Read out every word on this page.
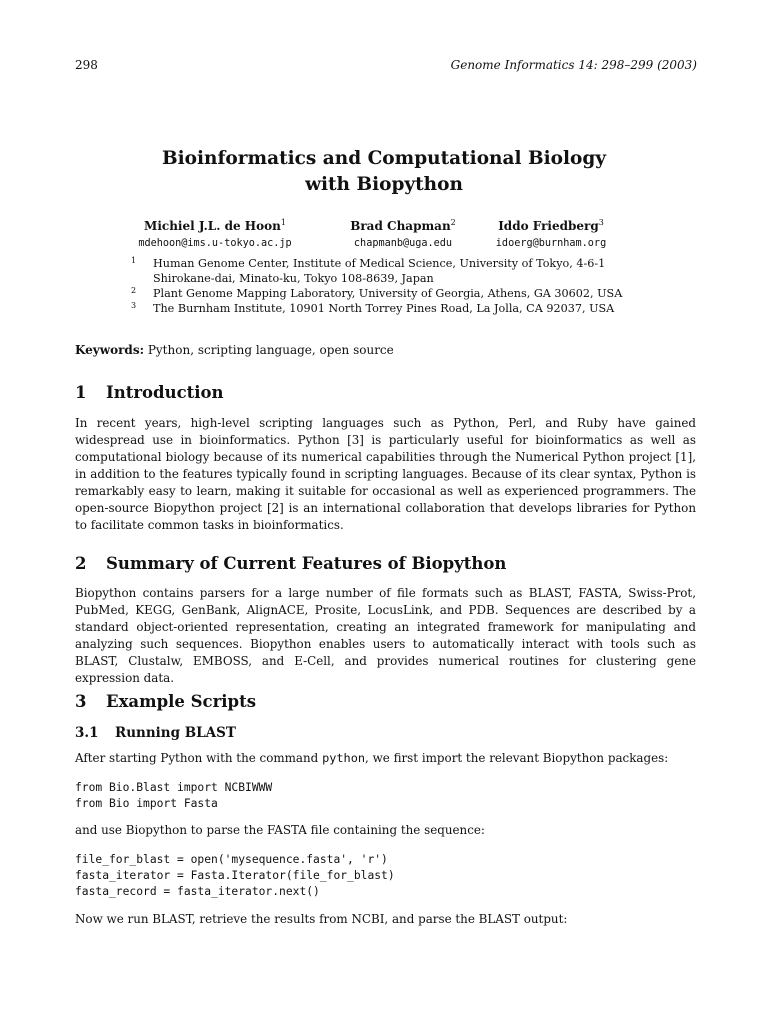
298	Genome Informatics 14: 298–299 (2003)
Bioinformatics and Computational Biology
with Biopython
Michiel J.L. de Hoon$^1$
mdehoon@ims.u-tokyo.ac.jp
Brad Chapman$^2$
chapmanb@uga.edu
Iddo Friedberg$^3$
idoerg@burnham.org
1 Human Genome Center, Institute of Medical Science, University of Tokyo, 4-6-1
Shirokane-dai, Minato-ku, Tokyo 108-8639, Japan
2 Plant Genome Mapping Laboratory, University of Georgia, Athens, GA 30602, USA
3 The Burnham Institute, 10901 North Torrey Pines Road, La Jolla, CA 92037, USA
Keywords: Python, scripting language, open source
1 Introduction

In recent years, high-level scripting languages such as Python, Perl, and Ruby have gained widespread use in bioinformatics. Python [3] is particularly useful for bioinformatics as well as computational biology because of its numerical capabilities through the Numerical Python project [1], in addition to the features typically found in scripting languages. Because of its clear syntax, Python is remarkably easy to learn, making it suitable for occasional as well as experienced programmers. The open-source Biopython project [2] is an international collaboration that develops libraries for Python to facilitate common tasks in bioinformatics.

2 Summary of Current Features of Biopython

Biopython contains parsers for a large number of file formats such as BLAST, FASTA, Swiss-Prot, PubMed, KEGG, GenBank, AlignACE, Prosite, LocusLink, and PDB. Sequences are described by a standard object-oriented representation, creating an integrated framework for manipulating and analyzing such sequences. Biopython enables users to automatically interact with tools such as BLAST, Clustalw, EMBOSS, and E-Cell, and provides numerical routines for clustering gene expression data.

3 Example Scripts
3.1 Running BLAST
After starting Python with the command python, we first import the relevant Biopython packages:
from Bio.Blast import NCBIWWW
from Bio import Fasta
and use Biopython to parse the FASTA file containing the sequence:
file_for_blast = open('mysequence.fasta', 'r')
fasta_iterator = Fasta.Iterator(file_for_blast)
fasta_record = fasta_iterator.next()
Now we run BLAST, retrieve the results from NCBI, and parse the BLAST output:
